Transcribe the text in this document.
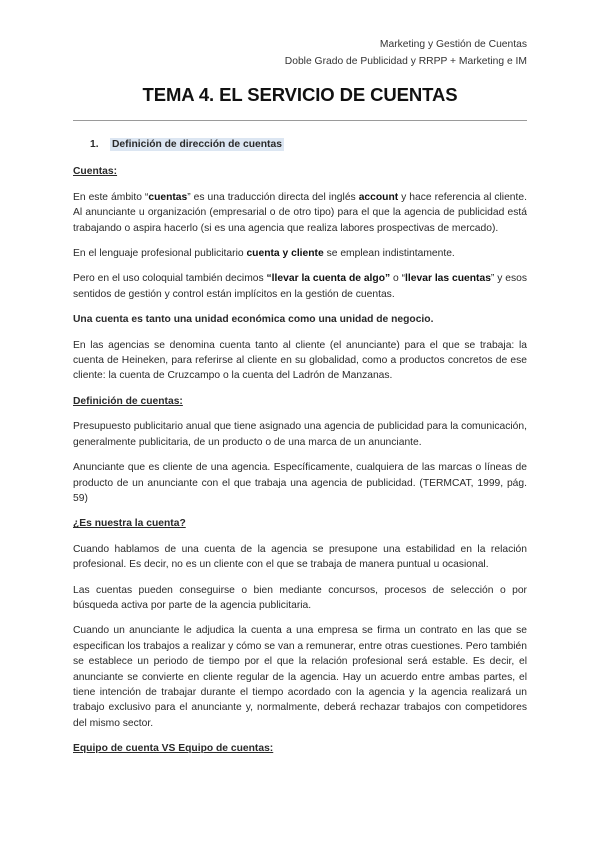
Marketing y Gestión de Cuentas
Doble Grado de Publicidad y RRPP + Marketing e IM
TEMA 4. EL SERVICIO DE CUENTAS
1. Definición de dirección de cuentas
Cuentas:

En este ámbito “cuentas” es una traducción directa del inglés account y hace referencia al cliente. Al anunciante u organización (empresarial o de otro tipo) para el que la agencia de publicidad está trabajando o aspira hacerlo (si es una agencia que realiza labores prospectivas de mercado).

En el lenguaje profesional publicitario cuenta y cliente se emplean indistintamente.

Pero en el uso coloquial también decimos “llevar la cuenta de algo” o “llevar las cuentas” y esos sentidos de gestión y control están implícitos en la gestión de cuentas.

Una cuenta es tanto una unidad económica como una unidad de negocio.

En las agencias se denomina cuenta tanto al cliente (el anunciante) para el que se trabaja: la cuenta de Heineken, para referirse al cliente en su globalidad, como a productos concretos de ese cliente: la cuenta de Cruzcampo o la cuenta del Ladrón de Manzanas.

Definición de cuentas:

Presupuesto publicitario anual que tiene asignado una agencia de publicidad para la comunicación, generalmente publicitaria, de un producto o de una marca de un anunciante.

Anunciante que es cliente de una agencia. Específicamente, cualquiera de las marcas o líneas de producto de un anunciante con el que trabaja una agencia de publicidad. (TERMCAT, 1999, pág. 59)

¿Es nuestra la cuenta?

Cuando hablamos de una cuenta de la agencia se presupone una estabilidad en la relación profesional. Es decir, no es un cliente con el que se trabaja de manera puntual u ocasional.

Las cuentas pueden conseguirse o bien mediante concursos, procesos de selección o por búsqueda activa por parte de la agencia publicitaria.

Cuando un anunciante le adjudica la cuenta a una empresa se firma un contrato en las que se especifican los trabajos a realizar y cómo se van a remunerar, entre otras cuestiones. Pero también se establece un periodo de tiempo por el que la relación profesional será estable. Es decir, el anunciante se convierte en cliente regular de la agencia. Hay un acuerdo entre ambas partes, el tiene intención de trabajar durante el tiempo acordado con la agencia y la agencia realizará un trabajo exclusivo para el anunciante y, normalmente, deberá rechazar trabajos con competidores del mismo sector.

Equipo de cuenta VS Equipo de cuentas:
